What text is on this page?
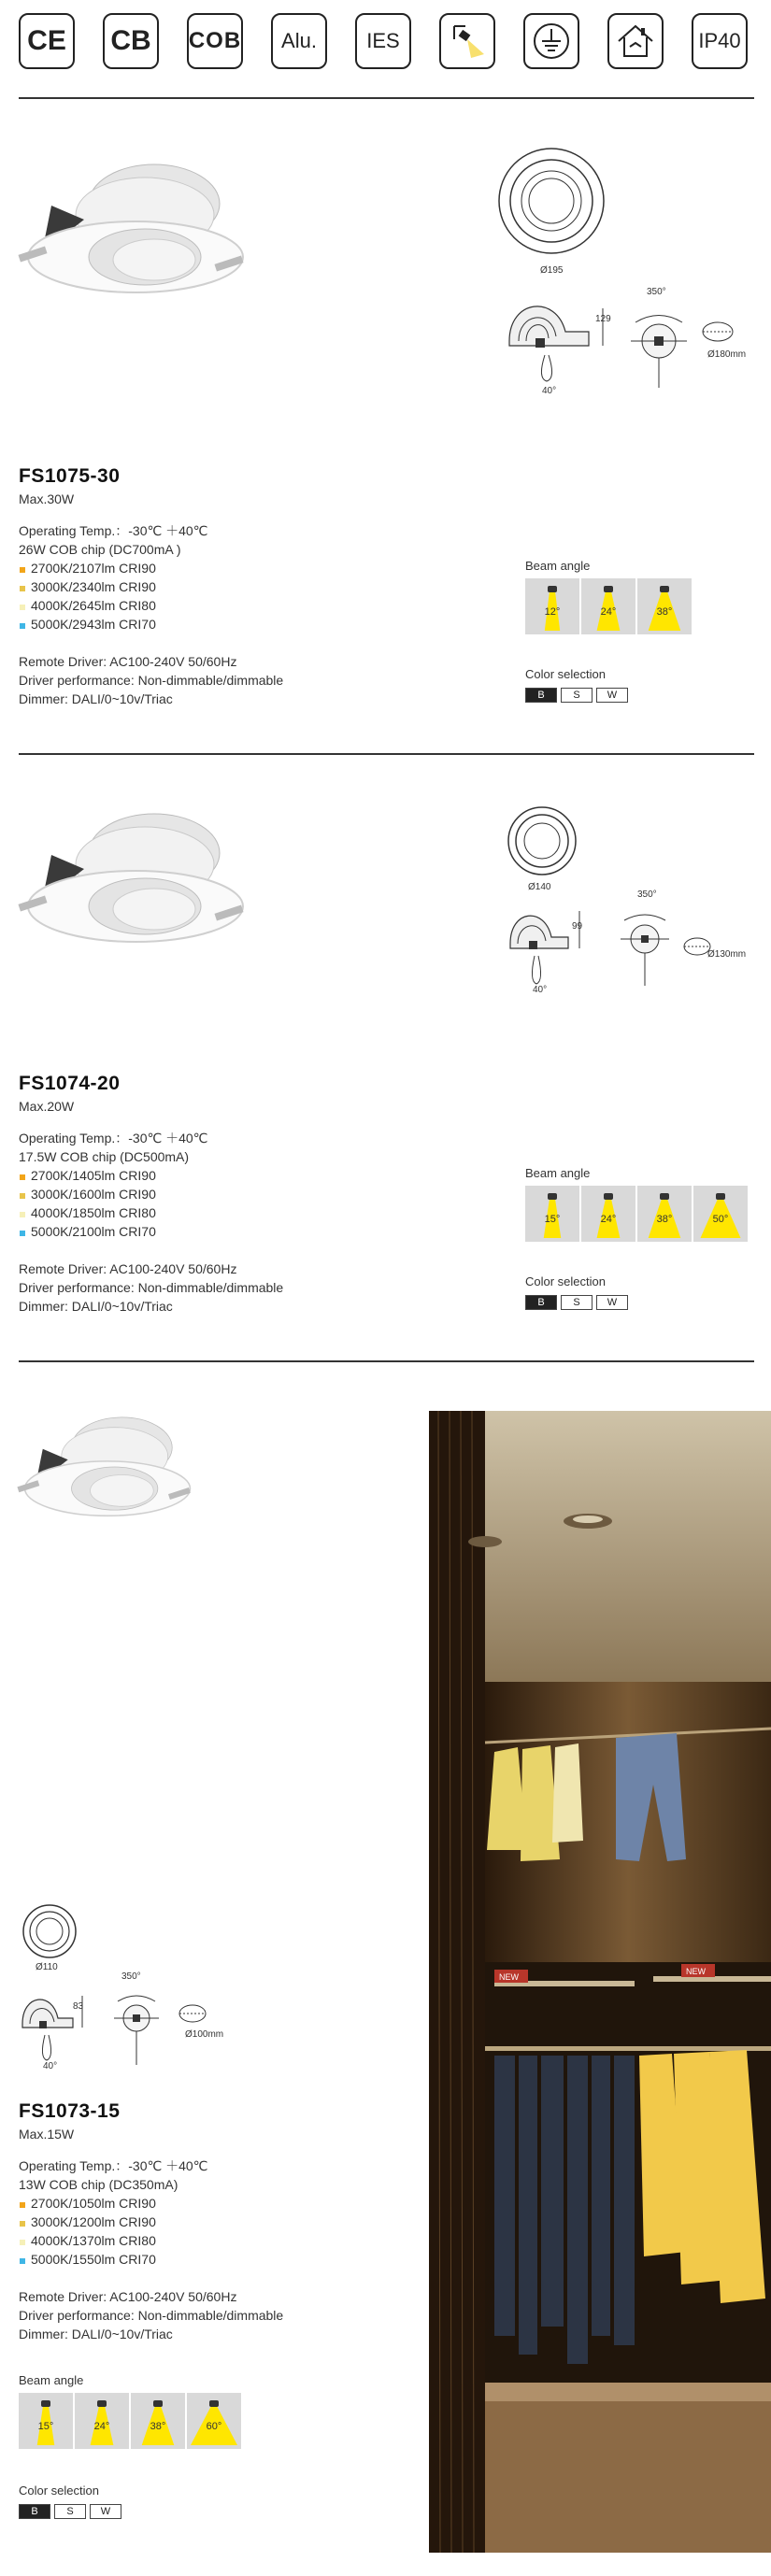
CE CB COB Alu. IES	IP40
Ø195
129
40°
350°
Ø180mm
FS1075-30
Max.30W
Operating Temp.：-30℃ ＋40℃
26W COB chip (DC700mA )
2700K/2107lm CRI90
3000K/2340lm CRI90
4000K/2645lm CRI80
5000K/2943lm CRI70
Remote Driver: AC100-240V 50/60Hz
Driver performance: Non-dimmable/dimmable
Dimmer: DALI/0~10v/Triac
Beam angle
12°	24°	38°
Color selection
B	S	W
Ø140
99
40°
350°
Ø130mm
FS1074-20
Max.20W
Operating Temp.：-30℃ ＋40℃
17.5W COB chip (DC500mA)
2700K/1405lm CRI90
3000K/1600lm CRI90
4000K/1850lm CRI80
5000K/2100lm CRI70
Remote Driver: AC100-240V 50/60Hz
Driver performance: Non-dimmable/dimmable
Dimmer: DALI/0~10v/Triac
Beam angle
15°	24°	38°	50°
Color selection
B	S	W
Ø110
83
40°
350°
Ø100mm
FS1073-15
Max.15W
Operating Temp.：-30℃ ＋40℃
13W COB chip (DC350mA)
2700K/1050lm CRI90
3000K/1200lm CRI90
4000K/1370lm CRI80
5000K/1550lm CRI70
Remote Driver: AC100-240V 50/60Hz
Driver performance: Non-dimmable/dimmable
Dimmer: DALI/0~10v/Triac
Beam angle
15°	24°	38°	60°
Color selection
B	S	W
NEW
NEW
